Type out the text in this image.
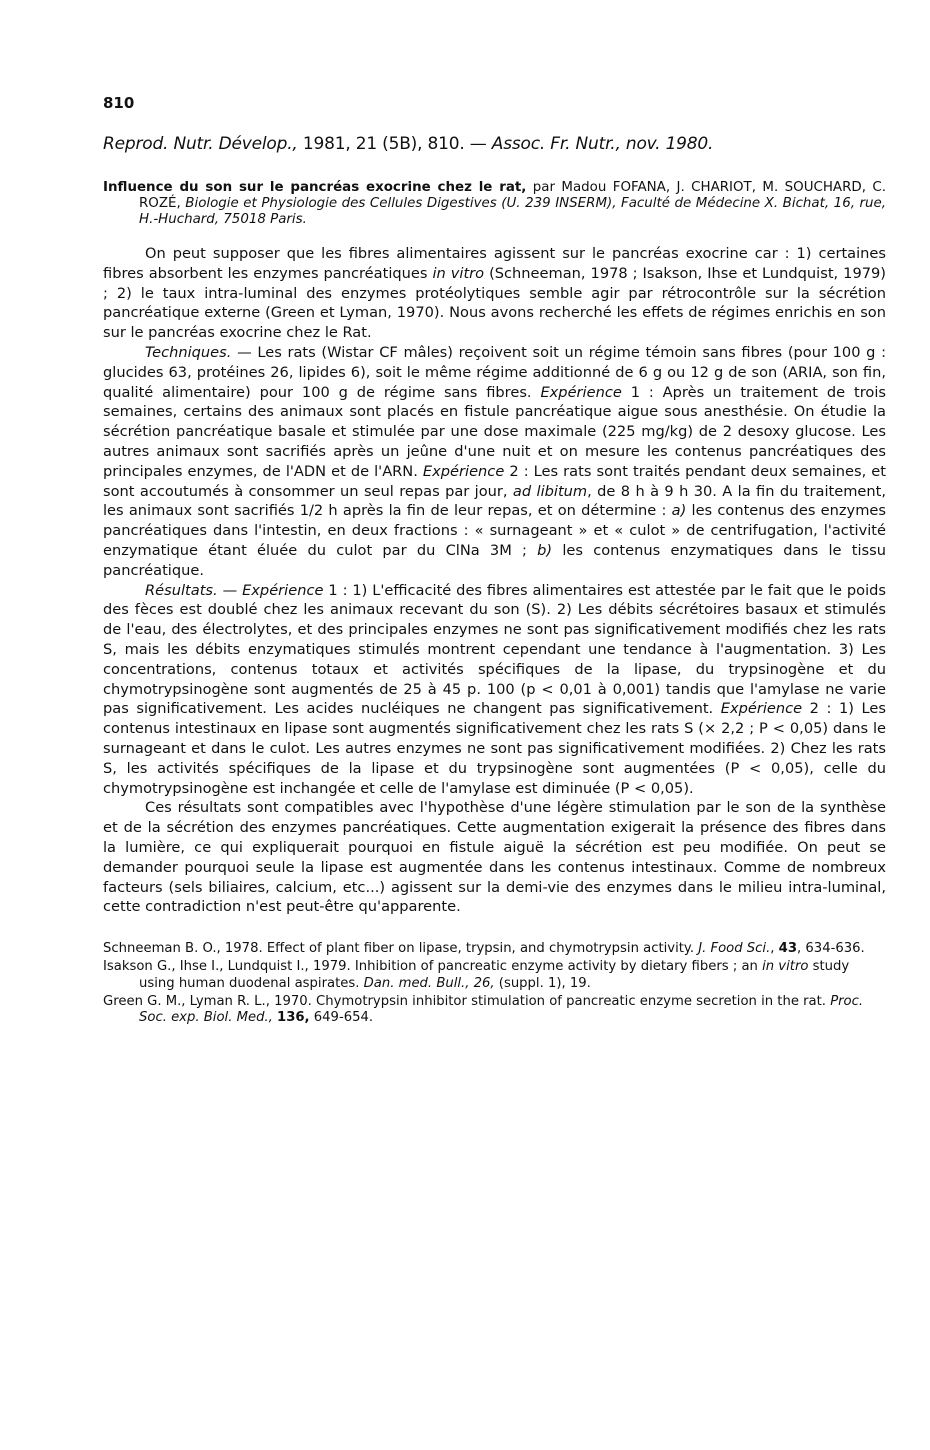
810
Reprod. Nutr. Dévelop., 1981, 21 (5B), 810. — Assoc. Fr. Nutr., nov. 1980.
Influence du son sur le pancréas exocrine chez le rat, par Madou FOFANA, J. CHARIOT, M. SOUCHARD, C. ROZÉ, Biologie et Physiologie des Cellules Digestives (U. 239 INSERM), Faculté de Médecine X. Bichat, 16, rue, H.-Huchard, 75018 Paris.

On peut supposer que les fibres alimentaires agissent sur le pancréas exocrine car : 1) certaines fibres absorbent les enzymes pancréatiques in vitro (Schneeman, 1978 ; Isakson, Ihse et Lundquist, 1979) ; 2) le taux intra-luminal des enzymes protéolytiques semble agir par rétrocontrôle sur la sécrétion pancréatique externe (Green et Lyman, 1970). Nous avons recherché les effets de régimes enrichis en son sur le pancréas exocrine chez le Rat.

Techniques. — Les rats (Wistar CF mâles) reçoivent soit un régime témoin sans fibres (pour 100 g : glucides 63, protéines 26, lipides 6), soit le même régime additionné de 6 g ou 12 g de son (ARIA, son fin, qualité alimentaire) pour 100 g de régime sans fibres. Expérience 1 : Après un traitement de trois semaines, certains des animaux sont placés en fistule pancréatique aigue sous anesthésie. On étudie la sécrétion pancréatique basale et stimulée par une dose maximale (225 mg/kg) de 2 desoxy glucose. Les autres animaux sont sacrifiés après un jeûne d'une nuit et on mesure les contenus pancréatiques des principales enzymes, de l'ADN et de l'ARN. Expérience 2 : Les rats sont traités pendant deux semaines, et sont accoutumés à consommer un seul repas par jour, ad libitum, de 8 h à 9 h 30. A la fin du traitement, les animaux sont sacrifiés 1/2 h après la fin de leur repas, et on détermine : a) les contenus des enzymes pancréatiques dans l'intestin, en deux fractions : « surnageant » et « culot » de centrifugation, l'activité enzymatique étant éluée du culot par du ClNa 3M ; b) les contenus enzymatiques dans le tissu pancréatique.

Résultats. — Expérience 1 : 1) L'efficacité des fibres alimentaires est attestée par le fait que le poids des fèces est doublé chez les animaux recevant du son (S). 2) Les débits sécrétoires basaux et stimulés de l'eau, des électrolytes, et des principales enzymes ne sont pas significativement modifiés chez les rats S, mais les débits enzymatiques stimulés montrent cependant une tendance à l'augmentation. 3) Les concentrations, contenus totaux et activités spécifiques de la lipase, du trypsinogène et du chymotrypsinogène sont augmentés de 25 à 45 p. 100 (p < 0,01 à 0,001) tandis que l'amylase ne varie pas significativement. Les acides nucléiques ne changent pas significativement. Expérience 2 : 1) Les contenus intestinaux en lipase sont augmentés significativement chez les rats S (× 2,2 ; P < 0,05) dans le surnageant et dans le culot. Les autres enzymes ne sont pas significativement modifiées. 2) Chez les rats S, les activités spécifiques de la lipase et du trypsinogène sont augmentées (P < 0,05), celle du chymotrypsinogène est inchangée et celle de l'amylase est diminuée (P < 0,05).

Ces résultats sont compatibles avec l'hypothèse d'une légère stimulation par le son de la synthèse et de la sécrétion des enzymes pancréatiques. Cette augmentation exigerait la présence des fibres dans la lumière, ce qui expliquerait pourquoi en fistule aiguë la sécrétion est peu modifiée. On peut se demander pourquoi seule la lipase est augmentée dans les contenus intestinaux. Comme de nombreux facteurs (sels biliaires, calcium, etc...) agissent sur la demi-vie des enzymes dans le milieu intra-luminal, cette contradiction n'est peut-être qu'apparente.

Schneeman B. O., 1978. Effect of plant fiber on lipase, trypsin, and chymotrypsin activity. J. Food Sci., 43, 634-636.

Isakson G., Ihse I., Lundquist I., 1979. Inhibition of pancreatic enzyme activity by dietary fibers ; an in vitro study using human duodenal aspirates. Dan. med. Bull., 26, (suppl. 1), 19.

Green G. M., Lyman R. L., 1970. Chymotrypsin inhibitor stimulation of pancreatic enzyme secretion in the rat. Proc. Soc. exp. Biol. Med., 136, 649-654.
